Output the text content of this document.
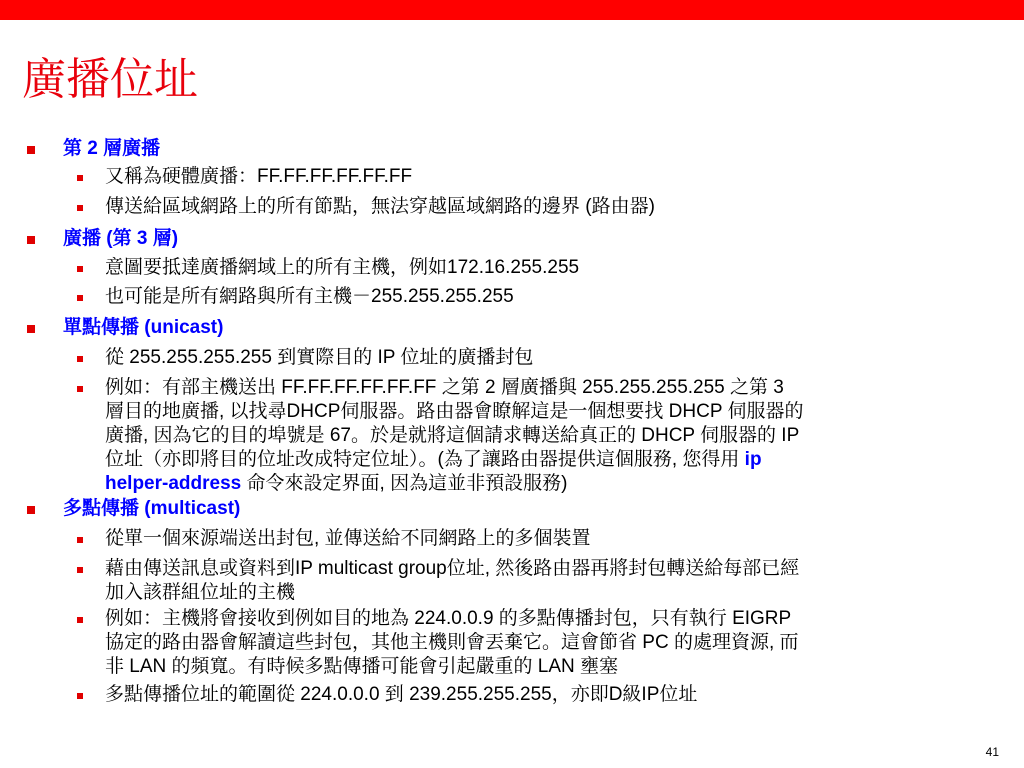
廣播位址
第 2 層廣播
又稱為硬體廣播：FF.FF.FF.FF.FF.FF
傳送給區域網路上的所有節點，無法穿越區域網路的邊界 (路由器)
廣播 (第 3 層)
意圖要抵達廣播網域上的所有主機，例如172.16.255.255
也可能是所有網路與所有主機－255.255.255.255
單點傳播 (unicast)
從 255.255.255.255 到實際目的 IP 位址的廣播封包
例如：有部主機送出 FF.FF.FF.FF.FF.FF 之第 2 層廣播與 255.255.255.255 之第 3
層目的地廣播, 以找尋DHCP伺服器。路由器會瞭解這是一個想要找 DHCP 伺服器的
廣播, 因為它的目的埠號是 67。於是就將這個請求轉送給真正的 DHCP 伺服器的 IP
位址（亦即將目的位址改成特定位址）。(為了讓路由器提供這個服務, 您得用 ip
helper-address 命令來設定界面, 因為這並非預設服務)
多點傳播 (multicast)
從單一個來源端送出封包, 並傳送給不同網路上的多個裝置
藉由傳送訊息或資料到IP multicast group位址, 然後路由器再將封包轉送給每部已經
加入該群組位址的主機
例如：主機將會接收到例如目的地為 224.0.0.9 的多點傳播封包，只有執行 EIGRP
協定的路由器會解讀這些封包，其他主機則會丟棄它。這會節省 PC 的處理資源, 而
非 LAN 的頻寬。有時候多點傳播可能會引起嚴重的 LAN 壅塞
多點傳播位址的範圍從 224.0.0.0 到 239.255.255.255，亦即D級IP位址
41
